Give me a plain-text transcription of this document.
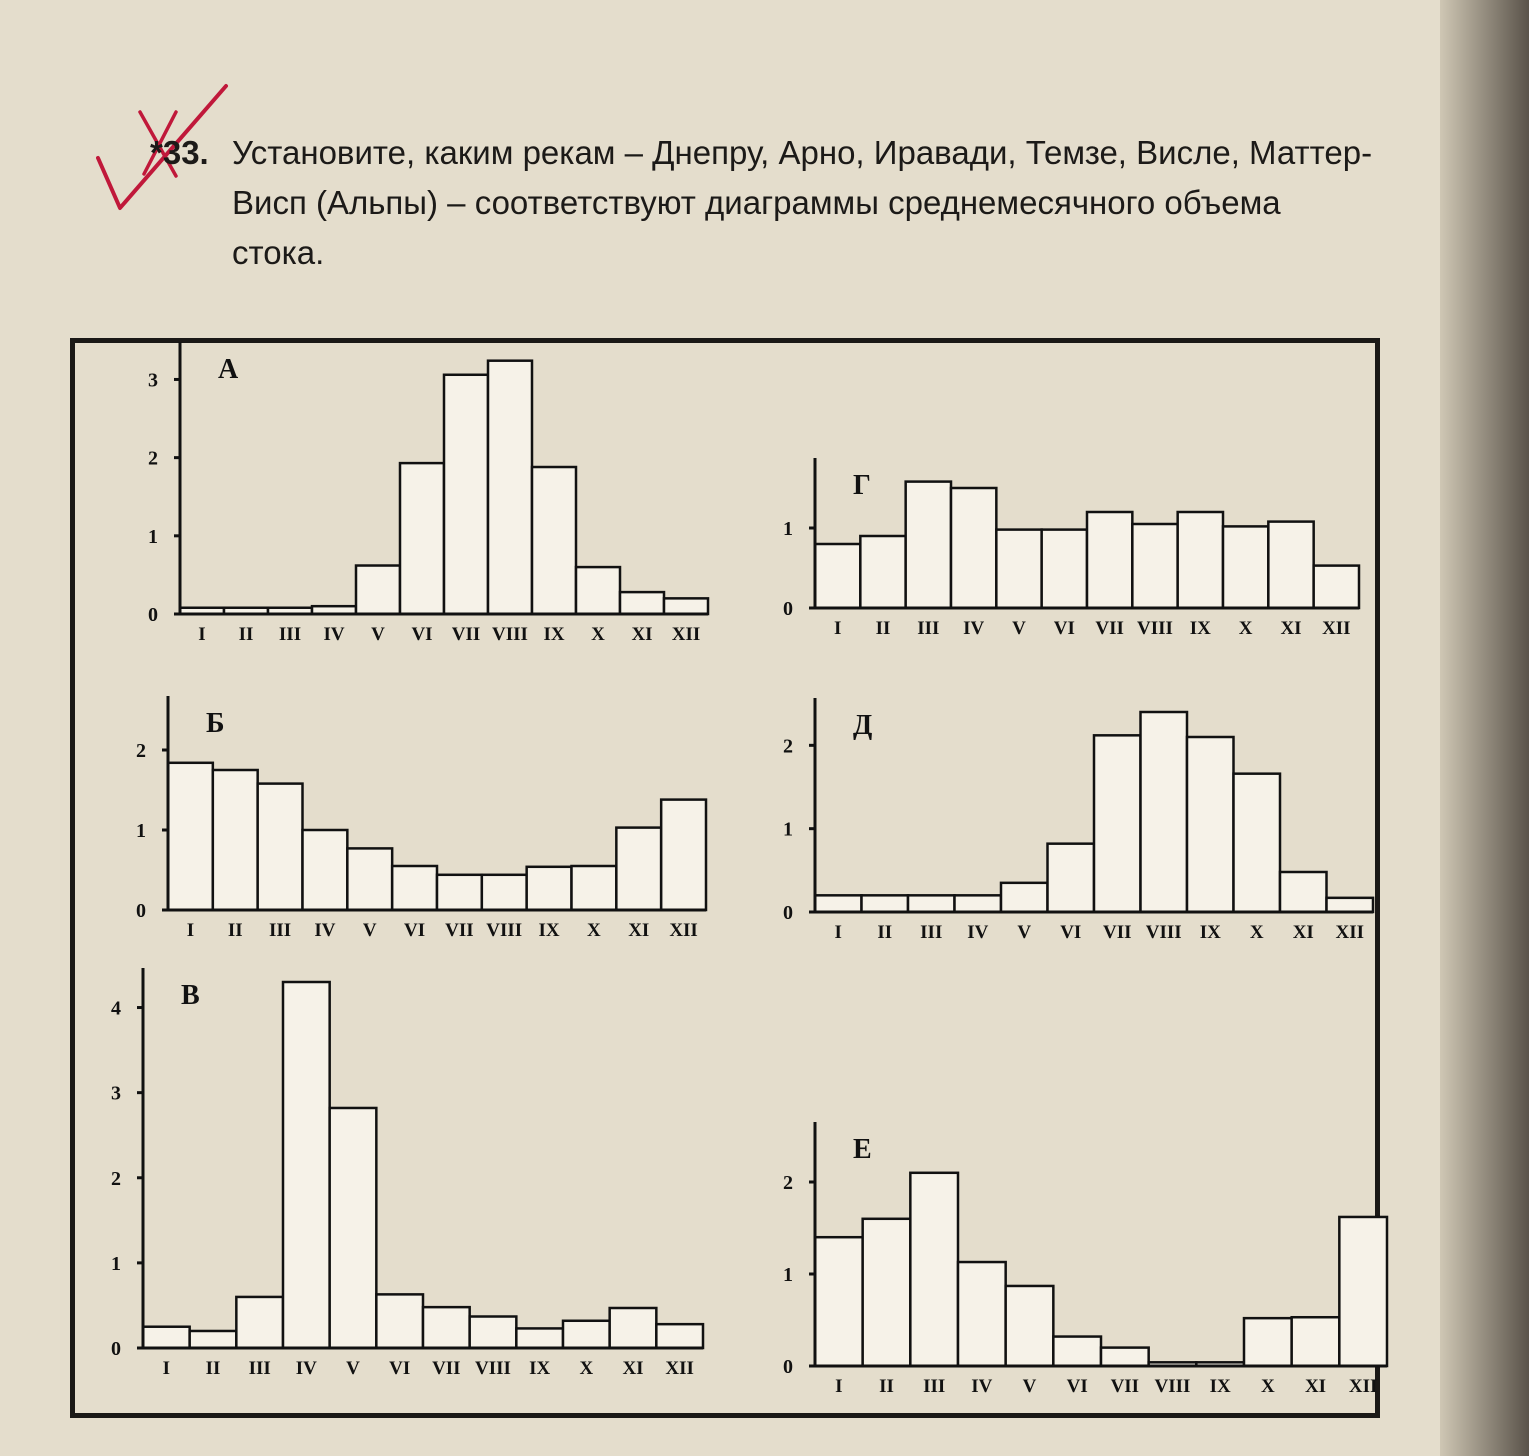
*33. Установите, каким рекам – Днепру, Арно, Иравади, Темзе, Висле, Маттер-Висп (Альпы) – соответствуют диаграммы среднемесячного объема стока.
0
1
2
3
I II III IV V VI VII VIII IX X XI XII
А
0
1
I II III IV V VI VII VIII IX X XI XII
Г
0
1
2
I II III IV V VI VII VIII IX X XI XII
Б
0
1
2
I II III IV V VI VII VIII IX X XI XII
Д
0
1
2
3
4
I II III IV V VI VII VIII IX X XI XII
В
0
1
2
I II III IV V VI VII VIII IX X XI XII
Е
